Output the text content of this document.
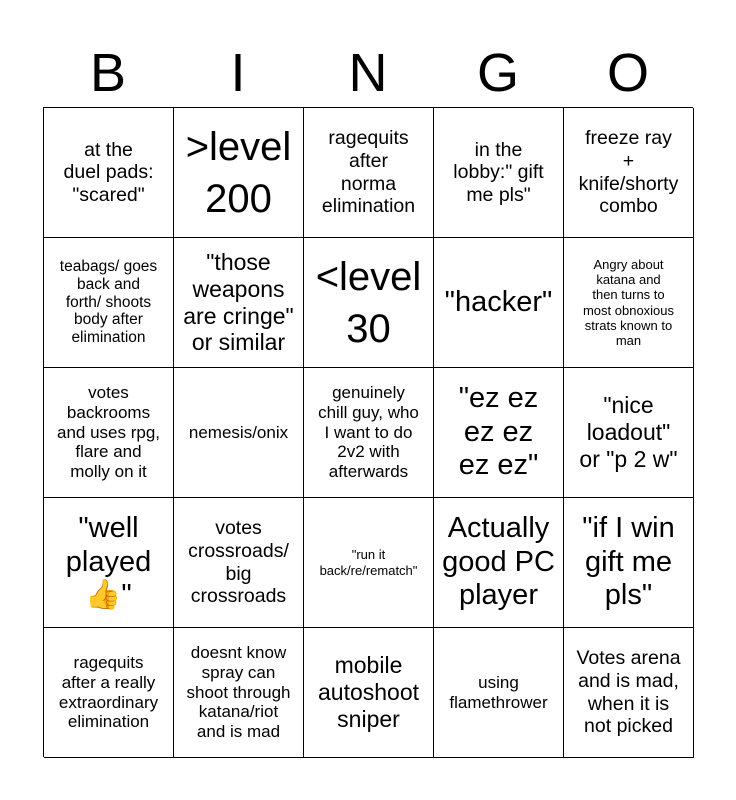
B	I	N	G	O
at the
duel pads:
"scared"
>level
200
ragequits
after
norma
elimination
in the
lobby:" gift
me pls"
freeze ray
+
knife/shorty
combo
teabags/ goes
back and
forth/ shoots
body after
elimination
"those
weapons
are cringe"
or similar
<level
30
"hacker"
Angry about
katana and
then turns to
most obnoxious
strats known to
man
votes
backrooms
and uses rpg,
flare and
molly on it
nemesis/onix
genuinely
chill guy, who
I want to do
2v2 with
afterwards
"ez ez
ez ez
ez ez"
"nice
loadout"
or "p 2 w"
"well
played
👍"
votes
crossroads/
big
crossroads
"run it
back/re/rematch"
Actually
good PC
player
"if I win
gift me
pls"
ragequits
after a really
extraordinary
elimination
doesnt know
spray can
shoot through
katana/riot
and is mad
mobile
autoshoot
sniper
using
flamethrower
Votes arena
and is mad,
when it is
not picked
